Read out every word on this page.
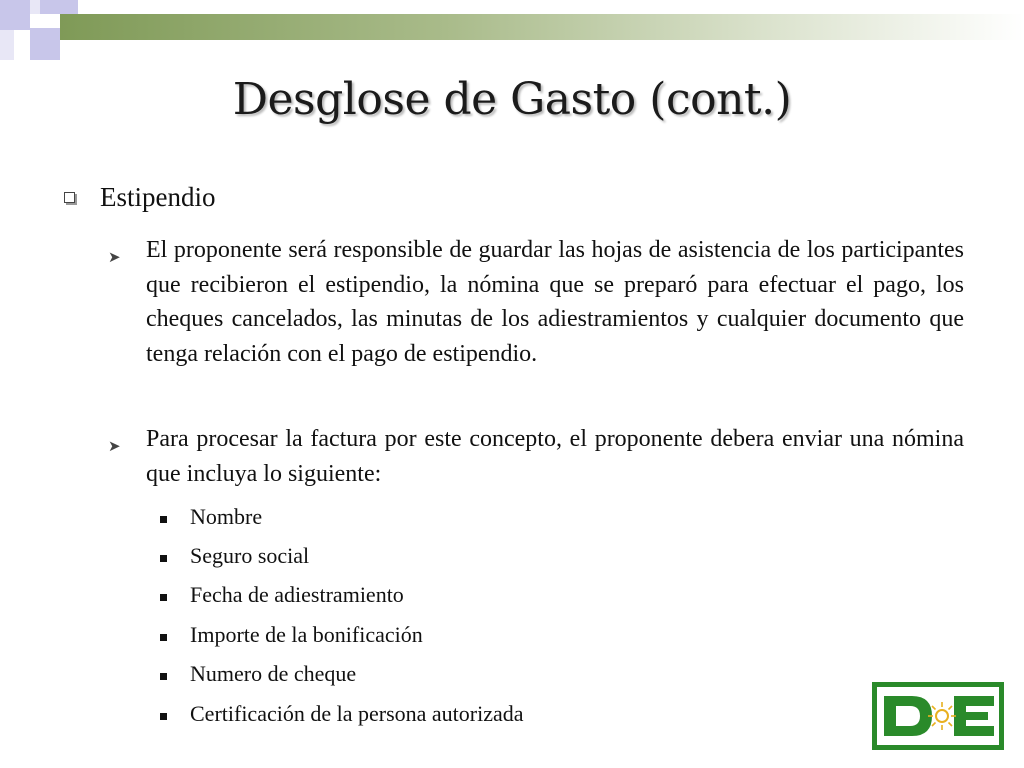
Desglose de Gasto (cont.)
Estipendio
➤ El proponente será responsible de guardar las hojas de asistencia de los participantes que recibieron el estipendio, la nómina que se preparó para efectuar el pago, los cheques cancelados, las minutas de los adiestramientos y cualquier documento que tenga relación con el pago de estipendio.
➤ Para procesar la factura por este concepto, el proponente debera enviar una nómina que incluya lo siguiente:
Nombre
Seguro social
Fecha de adiestramiento
Importe de la bonificación
Numero de cheque
Certificación de la persona autorizada
